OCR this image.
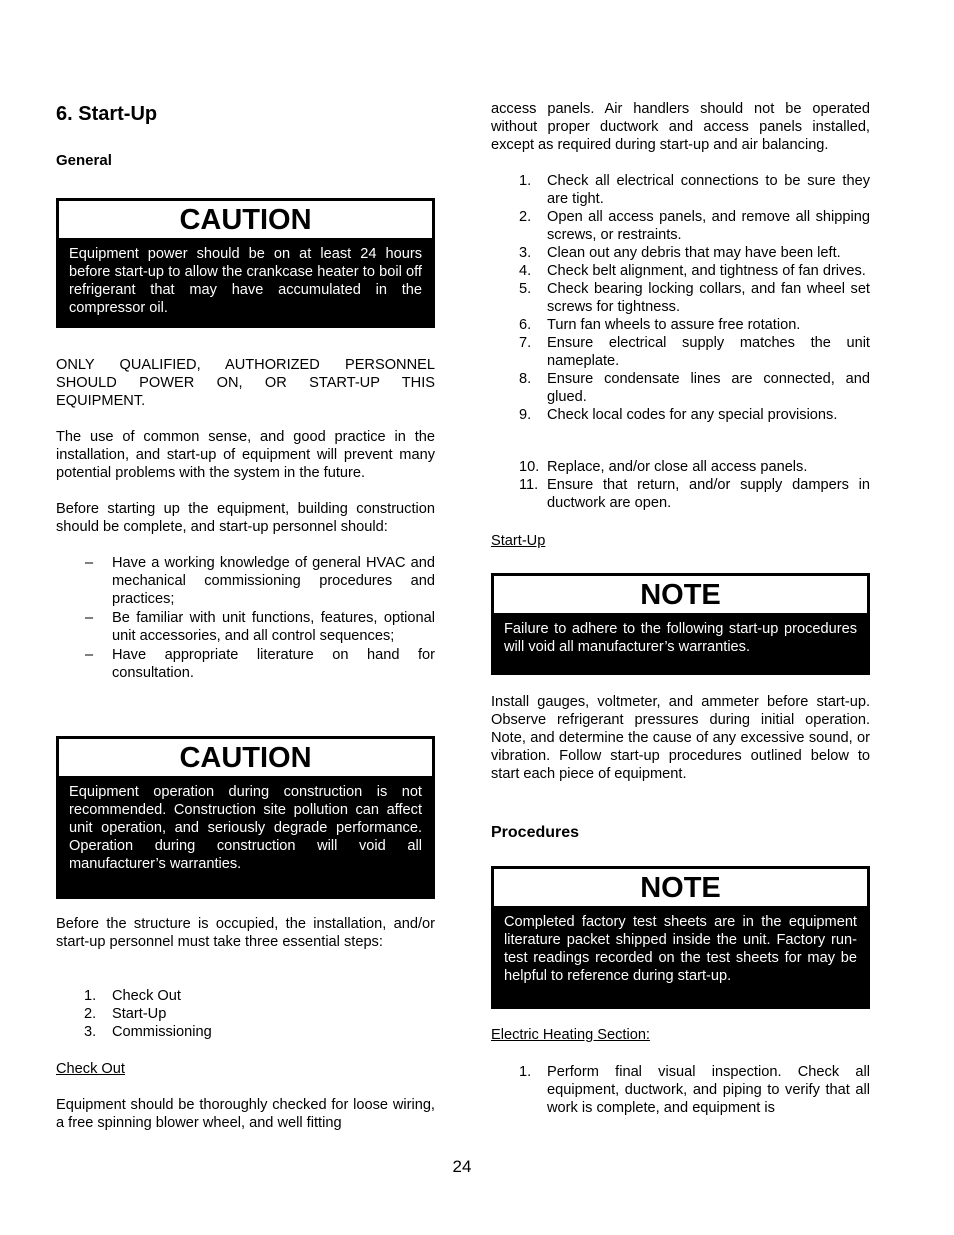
6. Start-Up
General
CAUTION
Equipment power should be on at least 24 hours before start-up to allow the crankcase heater to boil off refrigerant that may have accumulated in the compressor oil.

ONLY QUALIFIED, AUTHORIZED PERSONNEL SHOULD POWER ON, OR START-UP THIS EQUIPMENT.

The use of common sense, and good practice in the installation, and start-up of equipment will prevent many potential problems with the system in the future.

Before starting up the equipment, building construction should be complete, and start-up personnel should:

– Have a working knowledge of general HVAC and mechanical commissioning procedures and practices;
– Be familiar with unit functions, features, optional unit accessories, and all control sequences;
– Have appropriate literature on hand for consultation.
CAUTION
Equipment operation during construction is not recommended. Construction site pollution can affect unit operation, and seriously degrade performance. Operation during construction will void all manufacturer’s warranties.

Before the structure is occupied, the installation, and/or start-up personnel must take three essential steps:

1. Check Out
2. Start-Up
3. Commissioning

Check Out

Equipment should be thoroughly checked for loose wiring, a free spinning blower wheel, and well fitting

access panels. Air handlers should not be operated without proper ductwork and access panels installed, except as required during start-up and air balancing.

1. Check all electrical connections to be sure they are tight.
2. Open all access panels, and remove all shipping screws, or restraints.
3. Clean out any debris that may have been left.
4. Check belt alignment, and tightness of fan drives.
5. Check bearing locking collars, and fan wheel set screws for tightness.
6. Turn fan wheels to assure free rotation.
7. Ensure electrical supply matches the unit nameplate.
8. Ensure condensate lines are connected, and glued.
9. Check local codes for any special provisions.
10. Replace, and/or close all access panels.
11. Ensure that return, and/or supply dampers in ductwork are open.

Start-Up

NOTE
Failure to adhere to the following start-up procedures will void all manufacturer’s warranties.

Install gauges, voltmeter, and ammeter before start-up. Observe refrigerant pressures during initial operation. Note, and determine the cause of any excessive sound, or vibration. Follow start-up procedures outlined below to start each piece of equipment.

Procedures
NOTE
Completed factory test sheets are in the equipment literature packet shipped inside the unit. Factory run-test readings recorded on the test sheets for may be helpful to reference during start-up.

Electric Heating Section:

1. Perform final visual inspection. Check all equipment, ductwork, and piping to verify that all work is complete, and equipment is
24
